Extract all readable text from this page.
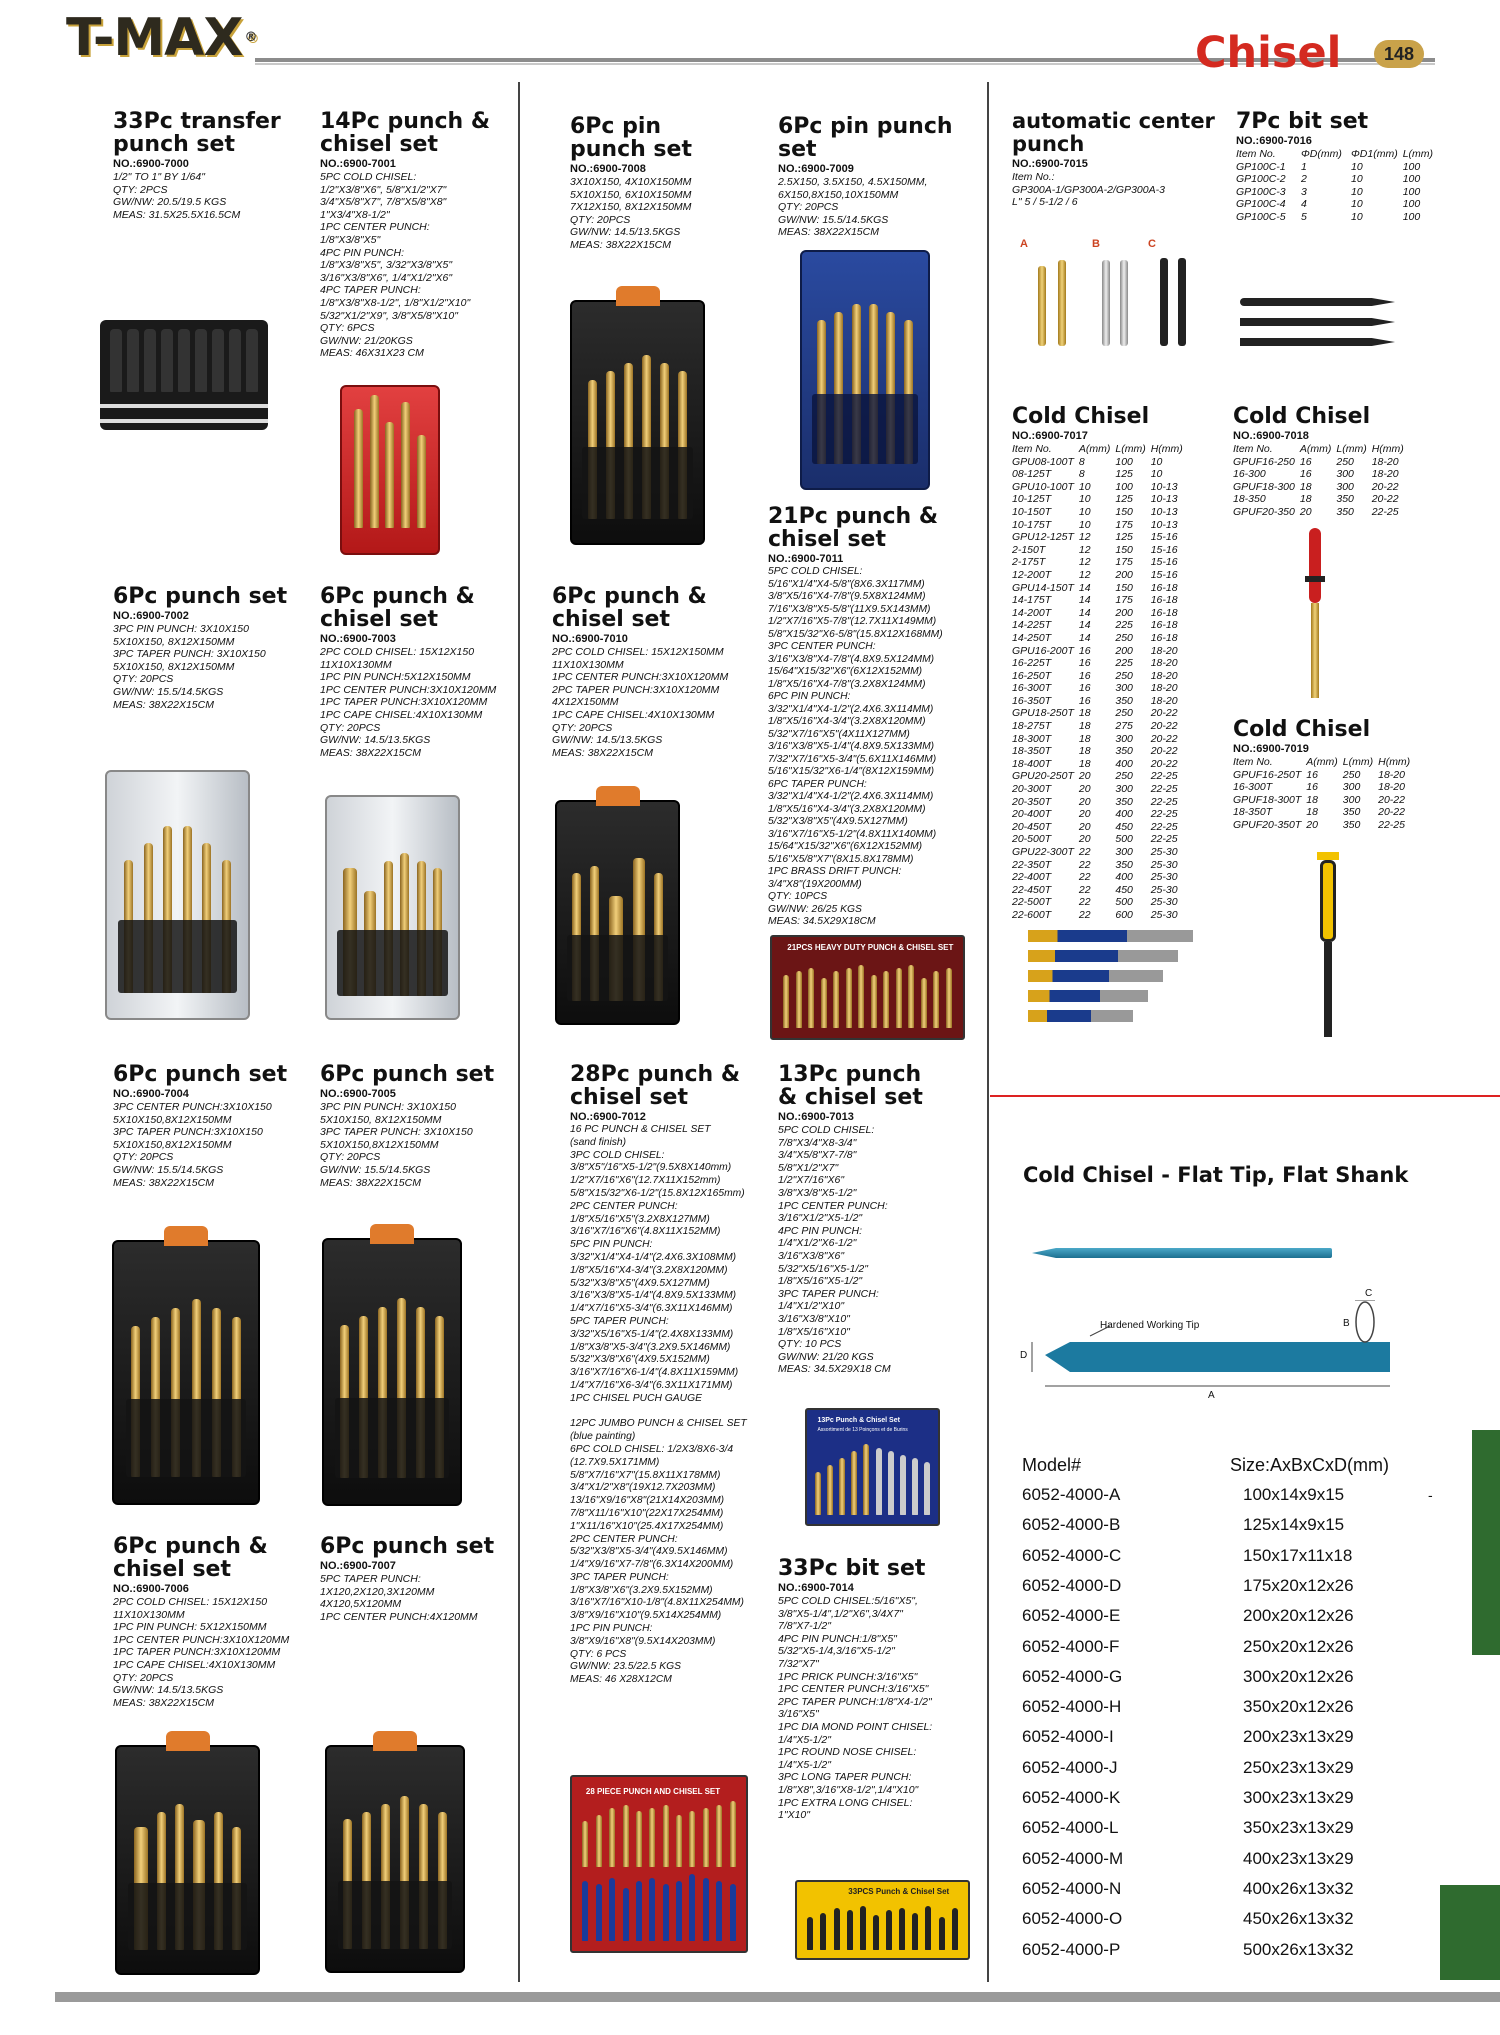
T-MAX ®	Chisel	148
33Pc transfer punch set
NO.:6900-7000
1/2" TO 1" BY 1/64"
QTY: 2PCS
GW/NW: 20.5/19.5 KGS
MEAS: 31.5X25.5X16.5CM
14Pc punch & chisel set
NO.:6900-7001
5PC COLD CHISEL:
1/2"X3/8"X6", 5/8"X1/2"X7"
3/4"X5/8"X7", 7/8"X5/8"X8"
1"X3/4"X8-1/2"
1PC CENTER PUNCH:
1/8"X3/8"X5"
4PC PIN PUNCH:
1/8"X3/8"X5", 3/32"X3/8"X5"
3/16"X3/8"X6", 1/4"X1/2"X6"
4PC TAPER PUNCH:
1/8"X3/8"X8-1/2", 1/8"X1/2"X10"
5/32"X1/2"X9", 3/8"X5/8"X10"
QTY: 6PCS
GW/NW: 21/20KGS
MEAS: 46X31X23 CM
6Pc pin punch set
NO.:6900-7008
3X10X150, 4X10X150MM
5X10X150, 6X10X150MM
7X12X150, 8X12X150MM
QTY: 20PCS
GW/NW: 14.5/13.5KGS
MEAS: 38X22X15CM
6Pc pin punch set
NO.:6900-7009
2.5X150, 3.5X150, 4.5X150MM,
6X150,8X150,10X150MM
QTY: 20PCS
GW/NW: 15.5/14.5KGS
MEAS: 38X22X15CM
automatic center punch
NO.:6900-7015
Item No.:
GP300A-1/GP300A-2/GP300A-3
L" 5 / 5-1/2 / 6
A	B	C
7Pc bit set
NO.:6900-7016
Item No.	ΦD(mm)	ΦD1(mm)	L(mm)
GP100C-1	1	10	100
GP100C-2	2	10	100
GP100C-3	3	10	100
GP100C-4	4	10	100
GP100C-5	5	10	100
Cold Chisel
NO.:6900-7017
Item No.	A(mm)	L(mm)	H(mm)
GPU08-100T	8	100	10
08-125T	8	125	10
GPU10-100T	10	100	10-13
10-125T	10	125	10-13
10-150T	10	150	10-13
10-175T	10	175	10-13
GPU12-125T	12	125	15-16
2-150T	12	150	15-16
2-175T	12	175	15-16
12-200T	12	200	15-16
GPU14-150T	14	150	16-18
14-175T	14	175	16-18
14-200T	14	200	16-18
14-225T	14	225	16-18
14-250T	14	250	16-18
GPU16-200T	16	200	18-20
16-225T	16	225	18-20
16-250T	16	250	18-20
16-300T	16	300	18-20
16-350T	16	350	18-20
GPU18-250T	18	250	20-22
18-275T	18	275	20-22
18-300T	18	300	20-22
18-350T	18	350	20-22
18-400T	18	400	20-22
GPU20-250T	20	250	22-25
20-300T	20	300	22-25
20-350T	20	350	22-25
20-400T	20	400	22-25
20-450T	20	450	22-25
20-500T	20	500	22-25
GPU22-300T	22	300	25-30
22-350T	22	350	25-30
22-400T	22	400	25-30
22-450T	22	450	25-30
22-500T	22	500	25-30
22-600T	22	600	25-30
Cold Chisel
NO.:6900-7018
Item No.	A(mm)	L(mm)	H(mm)
GPUF16-250	16	250	18-20
16-300	16	300	18-20
GPUF18-300	18	300	20-22
18-350	18	350	20-22
GPUF20-350	20	350	22-25
Cold Chisel
NO.:6900-7019
Item No.	A(mm)	L(mm)	H(mm)
GPUF16-250T	16	250	18-20
16-300T	16	300	18-20
GPUF18-300T	18	300	20-22
18-350T	18	350	20-22
GPUF20-350T	20	350	22-25
6Pc punch set
NO.:6900-7002
3PC PIN PUNCH: 3X10X150
5X10X150, 8X12X150MM
3PC TAPER PUNCH: 3X10X150
5X10X150, 8X12X150MM
QTY: 20PCS
GW/NW: 15.5/14.5KGS
MEAS: 38X22X15CM
6Pc punch & chisel set
NO.:6900-7003
2PC COLD CHISEL: 15X12X150
11X10X130MM
1PC PIN PUNCH:5X12X150MM
1PC CENTER PUNCH:3X10X120MM
1PC TAPER PUNCH:3X10X120MM
1PC CAPE CHISEL:4X10X130MM
QTY: 20PCS
GW/NW: 14.5/13.5KGS
MEAS: 38X22X15CM
6Pc punch & chisel set
NO.:6900-7010
2PC COLD CHISEL: 15X12X150MM
11X10X130MM
1PC CENTER PUNCH:3X10X120MM
2PC TAPER PUNCH:3X10X120MM
4X12X150MM
1PC CAPE CHISEL:4X10X130MM
QTY: 20PCS
GW/NW: 14.5/13.5KGS
MEAS: 38X22X15CM
21Pc punch & chisel set
NO.:6900-7011
5PC COLD CHISEL:
5/16"X1/4"X4-5/8"(8X6.3X117MM)
3/8"X5/16"X4-7/8"(9.5X8X124MM)
7/16"X3/8"X5-5/8"(11X9.5X143MM)
1/2"X7/16"X5-7/8"(12.7X11X149MM)
5/8"X15/32"X6-5/8"(15.8X12X168MM)
3PC CENTER PUNCH:
3/16"X3/8"X4-7/8"(4.8X9.5X124MM)
15/64"X15/32"X6"(6X12X152MM)
1/8"X5/16"X4-7/8"(3.2X8X124MM)
6PC PIN PUNCH:
3/32"X1/4"X4-1/2"(2.4X6.3X114MM)
1/8"X5/16"X4-3/4"(3.2X8X120MM)
5/32"X7/16"X5"(4X11X127MM)
3/16"X3/8"X5-1/4"(4.8X9.5X133MM)
7/32"X7/16"X5-3/4"(5.6X11X146MM)
5/16"X15/32"X6-1/4"(8X12X159MM)
6PC TAPER PUNCH:
3/32"X1/4"X4-1/2"(2.4X6.3X114MM)
1/8"X5/16"X4-3/4"(3.2X8X120MM)
5/32"X3/8"X5"(4X9.5X127MM)
3/16"X7/16"X5-1/2"(4.8X11X140MM)
15/64"X15/32"X6"(6X12X152MM)
5/16"X5/8"X7"(8X15.8X178MM)
1PC BRASS DRIFT PUNCH:
3/4"X8"(19X200MM)
QTY: 10PCS
GW/NW: 26/25 KGS
MEAS: 34.5X29X18CM
21PCS HEAVY DUTY PUNCH & CHISEL SET
6Pc punch set
NO.:6900-7004
3PC CENTER PUNCH:3X10X150
5X10X150,8X12X150MM
3PC TAPER PUNCH:3X10X150
5X10X150,8X12X150MM
QTY: 20PCS
GW/NW: 15.5/14.5KGS
MEAS: 38X22X15CM
6Pc punch set
NO.:6900-7005
3PC PIN PUNCH: 3X10X150
5X10X150, 8X12X150MM
3PC TAPER PUNCH: 3X10X150
5X10X150,8X12X150MM
QTY: 20PCS
GW/NW: 15.5/14.5KGS
MEAS: 38X22X15CM
28Pc punch & chisel set
NO.:6900-7012
16 PC PUNCH & CHISEL SET
(sand finish)
3PC COLD CHISEL:
3/8"X5"/16"X5-1/2"(9.5X8X140mm)
1/2"X7/16"X6"(12.7X11X152mm)
5/8"X15/32"X6-1/2"(15.8X12X165mm)
2PC CENTER PUNCH:
1/8"X5/16"X5"(3.2X8X127MM)
3/16"X7/16"X6"(4.8X11X152MM)
5PC PIN PUNCH:
3/32"X1/4"X4-1/4"(2.4X6.3X108MM)
1/8"X5/16"X4-3/4"(3.2X8X120MM)
5/32"X3/8"X5"(4X9.5X127MM)
3/16"X3/8"X5-1/4"(4.8X9.5X133MM)
1/4"X7/16"X5-3/4"(6.3X11X146MM)
5PC TAPER PUNCH:
3/32"X5/16"X5-1/4"(2.4X8X133MM)
1/8"X3/8"X5-3/4"(3.2X9.5X146MM)
5/32"X3/8"X6"(4X9.5X152MM)
3/16"X7/16"X6-1/4"(4.8X11X159MM)
1/4"X7/16"X6-3/4"(6.3X11X171MM)
1PC CHISEL PUCH GAUGE

12PC JUMBO PUNCH & CHISEL SET
(blue painting)
6PC COLD CHISEL: 1/2X3/8X6-3/4
(12.7X9.5X171MM)
5/8"X7/16"X7"(15.8X11X178MM)
3/4"X1/2"X8"(19X12.7X203MM)
13/16"X9/16"X8"(21X14X203MM)
7/8"X11/16"X10"(22X17X254MM)
1"X11/16"X10"(25.4X17X254MM)
2PC CENTER PUNCH:
5/32"X3/8"X5-3/4"(4X9.5X146MM)
1/4"X9/16"X7-7/8"(6.3X14X200MM)
3PC TAPER PUNCH:
1/8"X3/8"X6"(3.2X9.5X152MM)
3/16"X7/16"X10-1/8"(4.8X11X254MM)
3/8"X9/16"X10"(9.5X14X254MM)
1PC PIN PUNCH:
3/8"X9/16"X8"(9.5X14X203MM)
QTY: 6 PCS
GW/NW: 23.5/22.5 KGS
MEAS: 46 X28X12CM
28 PIECE PUNCH AND CHISEL SET
13Pc punch & chisel set
NO.:6900-7013
5PC COLD CHISEL:
7/8"X3/4"X8-3/4"
3/4"X5/8"X7-7/8"
5/8"X1/2"X7"
1/2"X7/16"X6"
3/8"X3/8"X5-1/2"
1PC CENTER PUNCH:
3/16"X1/2"X5-1/2"
4PC PIN PUNCH:
1/4"X1/2"X6-1/2"
3/16"X3/8"X6"
5/32"X5/16"X5-1/2"
1/8"X5/16"X5-1/2"
3PC TAPER PUNCH:
1/4"X1/2"X10"
3/16"X3/8"X10"
1/8"X5/16"X10"
QTY: 10 PCS
GW/NW: 21/20 KGS
MEAS: 34.5X29X18 CM
13Pc Punch & Chisel Set
Assortiment de 13 Poinçons et de Burins
33Pc bit set
NO.:6900-7014
5PC COLD CHISEL:5/16"X5",
3/8"X5-1/4",1/2"X6",3/4X7"
7/8"X7-1/2"
4PC PIN PUNCH:1/8"X5"
5/32"X5-1/4,3/16"X5-1/2"
7/32"X7"
1PC PRICK PUNCH:3/16"X5"
1PC CENTER PUNCH:3/16"X5"
2PC TAPER PUNCH:1/8"X4-1/2"
3/16"X5"
1PC DIA MOND POINT CHISEL:
1/4"X5-1/2"
1PC ROUND NOSE CHISEL:
1/4"X5-1/2"
3PC LONG TAPER PUNCH:
1/8"X8",3/16"X8-1/2",1/4"X10"
1PC EXTRA LONG CHISEL:
1"X10"
33PCS Punch & Chisel Set
6Pc punch & chisel set
NO.:6900-7006
2PC COLD CHISEL: 15X12X150
11X10X130MM
1PC PIN PUNCH: 5X12X150MM
1PC CENTER PUNCH:3X10X120MM
1PC TAPER PUNCH:3X10X120MM
1PC CAPE CHISEL:4X10X130MM
QTY: 20PCS
GW/NW: 14.5/13.5KGS
MEAS: 38X22X15CM
6Pc punch set
NO.:6900-7007
5PC TAPER PUNCH:
1X120,2X120,3X120MM
4X120,5X120MM
1PC CENTER PUNCH:4X120MM
Cold Chisel - Flat Tip, Flat Shank
Hardened Working Tip
A
B
C
D
Model#	Size:AxBxCxD(mm)
-
6052-4000-A	100x14x9x15
6052-4000-B	125x14x9x15
6052-4000-C	150x17x11x18
6052-4000-D	175x20x12x26
6052-4000-E	200x20x12x26
6052-4000-F	250x20x12x26
6052-4000-G	300x20x12x26
6052-4000-H	350x20x12x26
6052-4000-I	200x23x13x29
6052-4000-J	250x23x13x29
6052-4000-K	300x23x13x29
6052-4000-L	350x23x13x29
6052-4000-M	400x23x13x29
6052-4000-N	400x26x13x32
6052-4000-O	450x26x13x32
6052-4000-P	500x26x13x32
